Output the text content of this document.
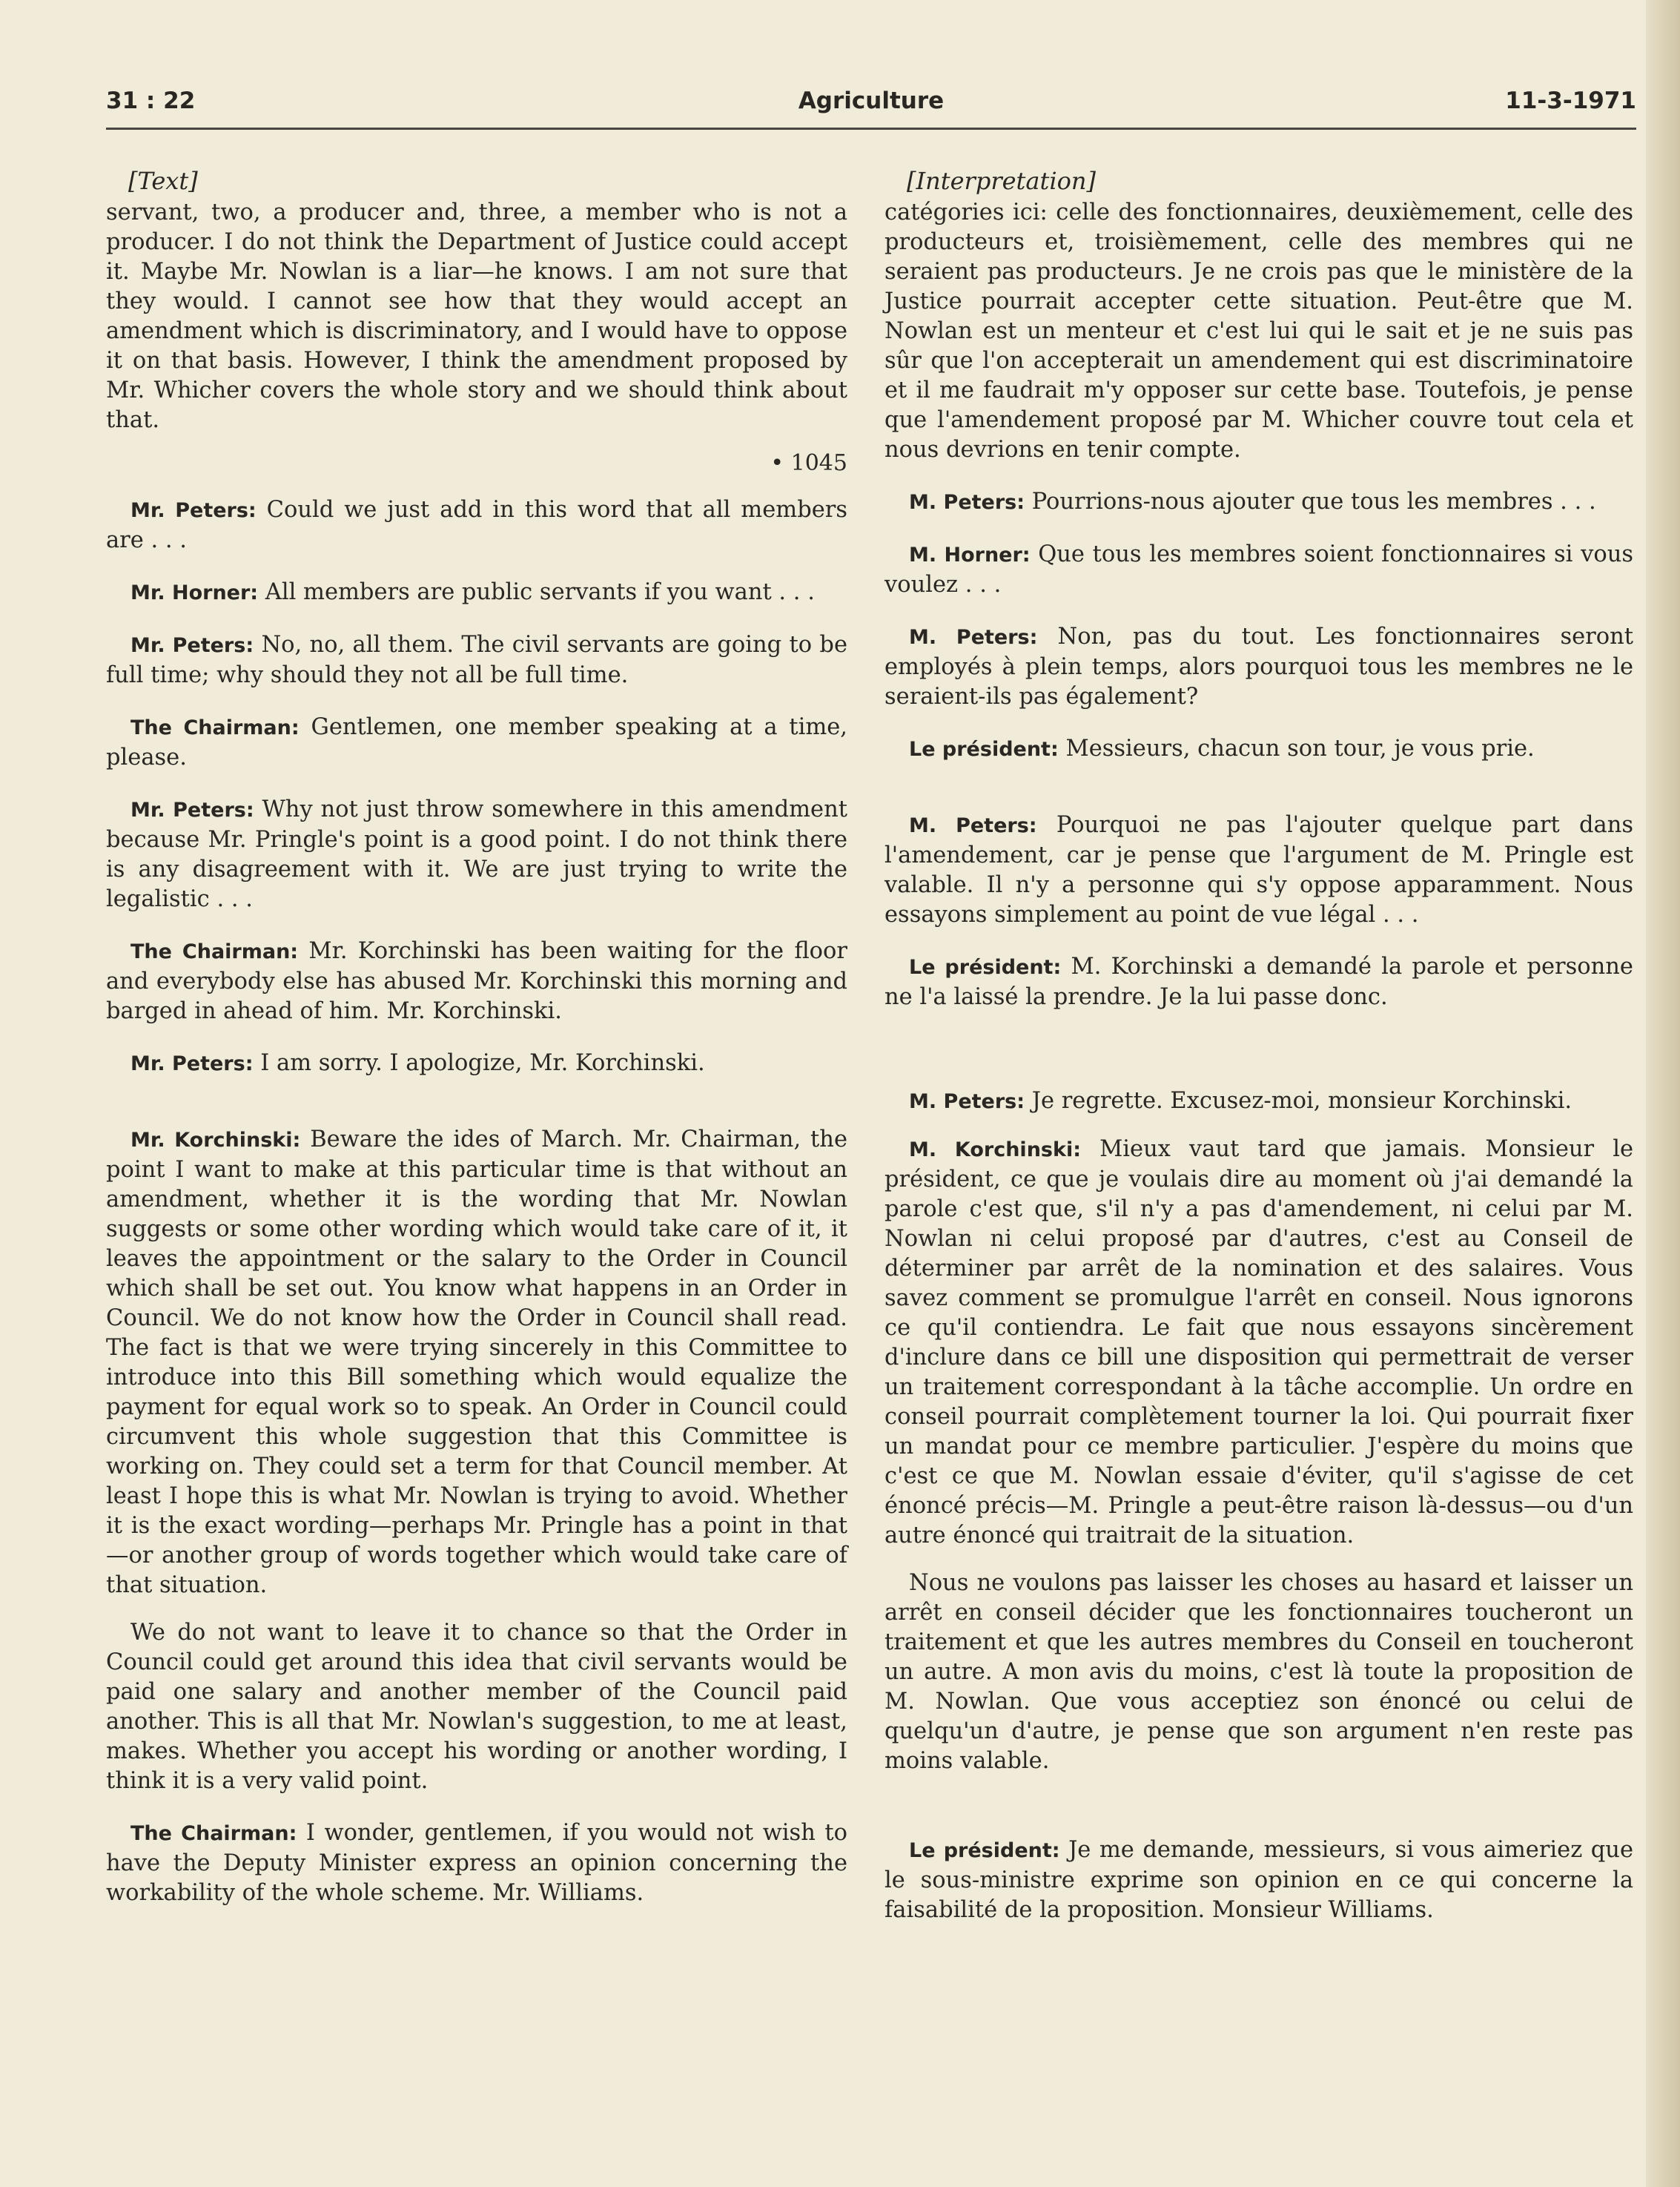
31 : 22	Agriculture	11-3-1971
[Text]

servant, two, a producer and, three, a member who is not a producer. I do not think the Department of Justice could accept it. Maybe Mr. Nowlan is a liar—he knows. I am not sure that they would. I cannot see how that they would accept an amendment which is discriminatory, and I would have to oppose it on that basis. However, I think the amendment proposed by Mr. Whicher covers the whole story and we should think about that.

• 1045

Mr. Peters: Could we just add in this word that all members are . . .

Mr. Horner: All members are public servants if you want . . .

Mr. Peters: No, no, all them. The civil servants are going to be full time; why should they not all be full time.

The Chairman: Gentlemen, one member speaking at a time, please.

Mr. Peters: Why not just throw somewhere in this amendment because Mr. Pringle's point is a good point. I do not think there is any disagreement with it. We are just trying to write the legalistic . . .

The Chairman: Mr. Korchinski has been waiting for the floor and everybody else has abused Mr. Korchinski this morning and barged in ahead of him. Mr. Korchinski.

Mr. Peters: I am sorry. I apologize, Mr. Korchinski.

Mr. Korchinski: Beware the ides of March. Mr. Chairman, the point I want to make at this particular time is that without an amendment, whether it is the wording that Mr. Nowlan suggests or some other wording which would take care of it, it leaves the appointment or the salary to the Order in Council which shall be set out. You know what happens in an Order in Council. We do not know how the Order in Council shall read. The fact is that we were trying sincerely in this Committee to introduce into this Bill something which would equalize the payment for equal work so to speak. An Order in Council could circumvent this whole suggestion that this Committee is working on. They could set a term for that Council member. At least I hope this is what Mr. Nowlan is trying to avoid. Whether it is the exact wording—perhaps Mr. Pringle has a point in that—or another group of words together which would take care of that situation.

We do not want to leave it to chance so that the Order in Council could get around this idea that civil servants would be paid one salary and another member of the Council paid another. This is all that Mr. Nowlan's suggestion, to me at least, makes. Whether you accept his wording or another wording, I think it is a very valid point.

The Chairman: I wonder, gentlemen, if you would not wish to have the Deputy Minister express an opinion concerning the workability of the whole scheme. Mr. Williams.

[Interpretation]

catégories ici: celle des fonctionnaires, deuxièmement, celle des producteurs et, troisièmement, celle des membres qui ne seraient pas producteurs. Je ne crois pas que le ministère de la Justice pourrait accepter cette situation. Peut-être que M. Nowlan est un menteur et c'est lui qui le sait et je ne suis pas sûr que l'on accepterait un amendement qui est discriminatoire et il me faudrait m'y opposer sur cette base. Toutefois, je pense que l'amendement proposé par M. Whicher couvre tout cela et nous devrions en tenir compte.

M. Peters: Pourrions-nous ajouter que tous les membres . . .

M. Horner: Que tous les membres soient fonctionnaires si vous voulez . . .

M. Peters: Non, pas du tout. Les fonctionnaires seront employés à plein temps, alors pourquoi tous les membres ne le seraient-ils pas également?

Le président: Messieurs, chacun son tour, je vous prie.

M. Peters: Pourquoi ne pas l'ajouter quelque part dans l'amendement, car je pense que l'argument de M. Pringle est valable. Il n'y a personne qui s'y oppose apparamment. Nous essayons simplement au point de vue légal . . .

Le président: M. Korchinski a demandé la parole et personne ne l'a laissé la prendre. Je la lui passe donc.

M. Peters: Je regrette. Excusez-moi, monsieur Korchinski.

M. Korchinski: Mieux vaut tard que jamais. Monsieur le président, ce que je voulais dire au moment où j'ai demandé la parole c'est que, s'il n'y a pas d'amendement, ni celui par M. Nowlan ni celui proposé par d'autres, c'est au Conseil de déterminer par arrêt de la nomination et des salaires. Vous savez comment se promulgue l'arrêt en conseil. Nous ignorons ce qu'il contiendra. Le fait que nous essayons sincèrement d'inclure dans ce bill une disposition qui permettrait de verser un traitement correspondant à la tâche accomplie. Un ordre en conseil pourrait complètement tourner la loi. Qui pourrait fixer un mandat pour ce membre particulier. J'espère du moins que c'est ce que M. Nowlan essaie d'éviter, qu'il s'agisse de cet énoncé précis—M. Pringle a peut-être raison là-dessus—ou d'un autre énoncé qui traitrait de la situation.

Nous ne voulons pas laisser les choses au hasard et laisser un arrêt en conseil décider que les fonctionnaires toucheront un traitement et que les autres membres du Conseil en toucheront un autre. A mon avis du moins, c'est là toute la proposition de M. Nowlan. Que vous acceptiez son énoncé ou celui de quelqu'un d'autre, je pense que son argument n'en reste pas moins valable.

Le président: Je me demande, messieurs, si vous aimeriez que le sous-ministre exprime son opinion en ce qui concerne la faisabilité de la proposition. Monsieur Williams.
